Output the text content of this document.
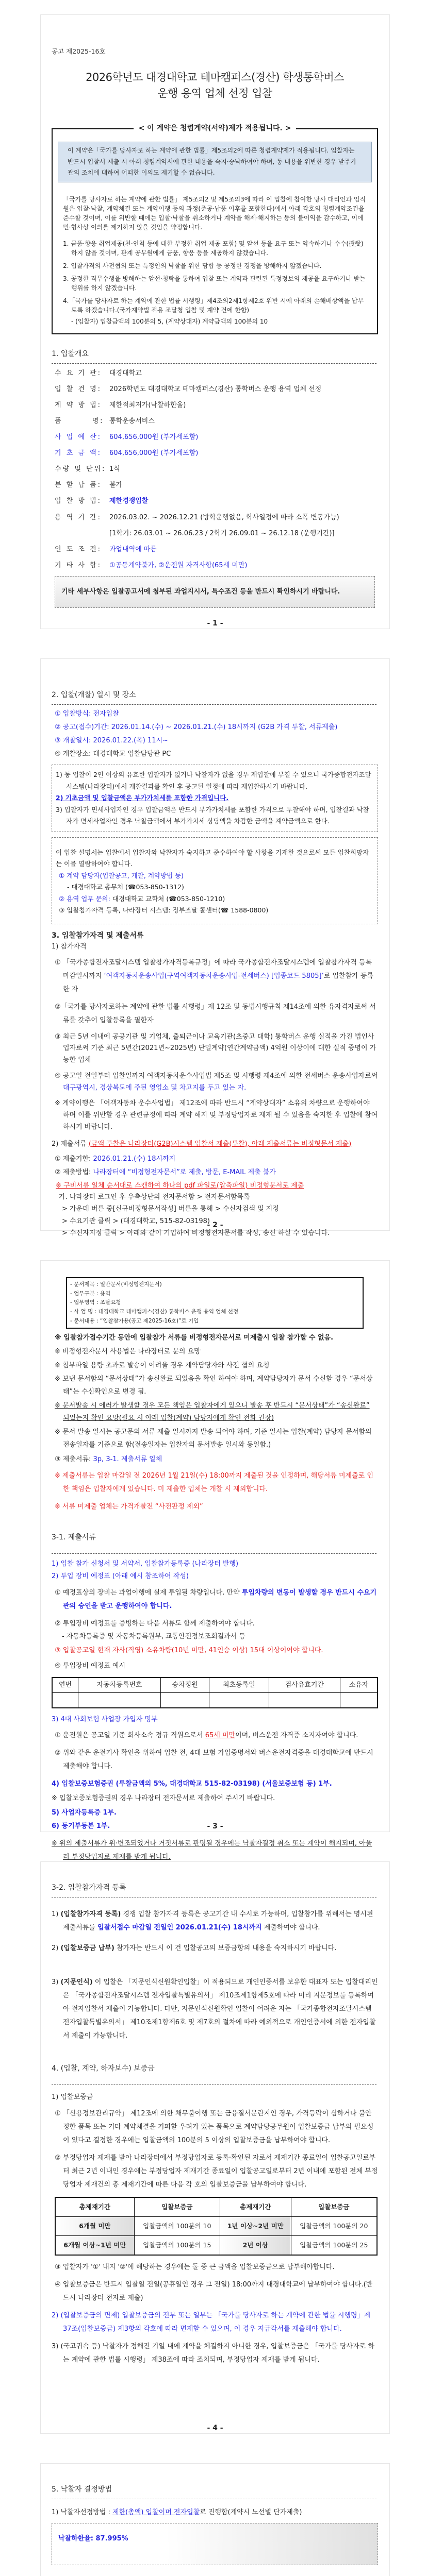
공고 제2025-16호
2026학년도 대경대학교 테마캠퍼스(경산) 학생통학버스
운행 용역 업체 선정 입찰
< 이 계약은 청렴계약(서약)제가 적용됩니다. >
이 계약은「국가를 당사자로 하는 계약에 관한 법률」제5조의2에 따른 청렴계약제가 적용됩니다. 입찰자는 반드시 입찰서 제출 시 아래 청렴계약서에 관한 내용을 숙지·승낙하여야 하며, 동 내용을 위반한 경우 발주기관의 조치에 대하여 어떠한 이의도 제기할 수 없습니다.
「국가를 당사자로 하는 계약에 관한 법률」 제5조의2 및 제5조의3에 따라 이 입찰에 참여한 당사 대리인과 임직원은 입찰·낙찰, 계약체결 또는 계약이행 등의 과정(준공·납품 이후를 포함한다)에서 아래 각호의 청렴계약조건을 준수할 것이며, 이를 위반할 때에는 입찰·낙찰을 취소하거나 계약을 해제·해지하는 등의 불이익을 감수하고, 이에 민·형사상 이의를 제기하지 않을 것임을 약정합니다.
1. 금품·향응 취업제공(친·인척 등에 대한 부정한 취업 제공 포함) 및 알선 등을 요구 또는 약속하거나 수수(授受)하지 않을 것이며, 관계 공무원에게 금품, 향응 등을 제공하지 않겠습니다.
2. 입찰가격의 사전협의 또는 특정인의 낙찰을 위한 담합 등 공정한 경쟁을 방해하지 않겠습니다.
3. 공정한 직무수행을 방해하는 알선·청탁을 통하여 입찰 또는 계약과 관련된 특정정보의 제공을 요구하거나 받는 행위를 하지 않겠습니다.
4.「국가를 당사자로 하는 계약에 관한 법률 시행령」제4조의2제1항제2호 위반 시에 아래의 손해배상액을 납부토록 하겠습니다.(국가계약법 적용 조달청 입찰 및 계약 건에 한함)
- (입찰자) 입찰금액의 100분의 5, (계약상대자) 계약금액의 100분의 10
1. 입찰개요
수 요 기 관:	대경대학교
입 찰 건 명:	2026학년도 대경대학교 테마캠퍼스(경산) 통학버스 운행 용역 업체 선정
계 약 방 법:	제한적최저가(낙찰하한율)
품        명: 통학운송서비스
사 업 예 산:	604,656,000원 (부가세포함)
기 초 금 액:	604,656,000원 (부가세포함)
수량 및 단위: 1식
분 할 납 품:	불가
입 찰 방 법:	제한경쟁입찰
용 역 기 간:	2026.03.02. ~ 2026.12.21 (방학운행없음, 학사일정에 따라 소폭 변동가능)
[1학기: 26.03.01 ~ 26.06.23 / 2학기 26.09.01 ~ 26.12.18 (운행기간)]
인 도 조 건:	과업내역에 따름
기 타 사 항:	①공동계약불가, ②운전원 자격사항(65세 미만)
기타 세부사항은 입찰공고서에 첨부된 과업지시서, 특수조건 등을 반드시 확인하시기 바랍니다.
- 1 -
2. 입찰(개찰) 일시 및 장소
① 입찰방식: 전자입찰
② 공고(접수)기간: 2026.01.14.(수) ~ 2026.01.21.(수) 18시까지 (G2B 가격 투찰, 서류제출)
③ 개찰일시: 2026.01.22.(목) 11시~
④ 개찰장소: 대경대학교 입찰담당관 PC
1) 동 입찰이 2인 이상의 유효한 입찰자가 없거나 낙찰자가 없을 경우 재입찰에 부칠 수 있으니 국가종합전자조달시스템(나라장터)에서 개찰결과를 확인 후 공고된 일정에 따라 재입찰하시기 바랍니다.
2) 기초금액 및 입찰금액은 부가가치세를 포함한 가격입니다.
3) 입찰자가 면세사업자인 경우 입찰금액은 반드시 부가가치세를 포함한 가격으로 투찰해야 하며, 입찰결과 낙찰자가 면세사업자인 경우 낙찰금액에서 부가가치세 상당액을 차감한 금액을 계약금액으로 한다.
이 입찰 설명서는 입찰에서 입찰자와 낙찰자가 숙지하고 준수하여야 할 사항을 기재한 것으로써 모든 입찰희망자는 이를 열람하여야 합니다.
① 계약 담당자(입찰공고, 개찰, 계약방법 등)
- 대경대학교 총무처 (☎053-850-1312)
② 용역 업무 문의: 대경대학교 교학처 (☎053-850-1210)
③ 입찰참가자격 등록, 나라장터 시스템: 정부조달 콜센터(☎ 1588-0800)
3. 입찰참가자격 및 제출서류
1) 참가자격
① 「국가종합전자조달시스템 입찰참가자격등록규정」에 따라 국가종합전자조달시스템에 입찰참가자격 등록마감일시까지 ‘여객자동차운송사업(구역여객자동차운송사업-전세버스) [업종코드 5805]’로 입찰참가 등록한 자
②「국가를 당사자로하는 계약에 관한 법률 시행령」제 12조 및 동법시행규칙 제14조에 의한 유자격자로써 서류를 갖추어 입찰등록을 필한자
③ 최근 5년 이내에 공공기관 및 기업체, 출퇴근이나 교육기관(초중고 대학) 통학버스 운행 실적을 가진 법인사업자로써 기준 최근 5년간(2021년~2025년) 단일계약(연간계약금액) 4억원 이상이에 대한 실적 증명이 가능한 업체
④ 공고일 전일부터 입찰일까지 여객자동차운수사업법 제5조 및 시행령 제4조에 의한 전세버스 운송사업자로써 대구광역시, 경상북도에 주된 영업소 및 차고지를 두고 있는 자.
※ 계약이행은 「여객자동차 운수사업법」 제12조에 따라 반드시 “계약상대자” 소유의 차량으로 운행하여야 하며 이를 위반할 경우 관련규정에 따라 계약 해지 및 부정당업자로 제재 될 수 있음을 숙지한 후 입찰에 참여하시기 바랍니다.
2) 제출서류 (금액 투찰은 나라장터(G2B)시스템 입찰서 제출(투찰), 아래 제출서류는 비정형문서 제출)
① 제출기한: 2026.01.21.(수) 18시까지
② 제출방법: 나라장터에 “비정형전자문서”로 제출, 방문, E-MAIL 제출 불가
※ 구비서류 일체 순서대로 스캔하여 하나의 pdf 파일로(압축파일) 비정형문서로 제출
가. 나라장터 로그인 후 우측상단의 전자문서함 > 전자문서함목록
> 가운데 버튼 중[신규비정형문서작성] 버튼을 통해 > 수신자검색 및 지정
> 수요기관 클릭 > (대경대학교, 515-82-03198)
> 수신자지정 클릭 > 아래와 같이 기입하여 비정형전자문서를 작성, 송신 하실 수 있습니다.
- 2 -
- 문서제목 : 일반문서(비정형전지문서)
- 업무구분 : 용역
- 업무영역 : 조달요청
- 사 업 명 : 대경대학교 테마캠퍼스(경산) 통학버스 운행 용역 업체 선정
- 문서내용 : “입찰참가용(공고 제2025-16호)”로 기입
※ 입찰참가접수기간 동안에 입찰참가 서류를 비정형전자문서로 미제출시 입찰 참가할 수 없음.
※ 비정형전자문서 사용법은 나라장터로 문의 요망
※ 첨부파일 용량 초과로 발송이 어려울 경우 계약담당자와 사전 협의 요청
※ 보낸 문서함의 “문서상태”가 송신완료 되었음을 확인 하여야 하며, 계약담당자가 문서 수신할 경우 “문서상태”는 수신확인으로 변경 됨.
※ 문서발송 시 에러가 발생할 경우 모든 책임은 입찰자에게 있으니 발송 후 반드시 “문서상태”가 “송신완료” 되었는지 확인 요망(필요 시 아래 입찰(계약) 담당자에게 확인 전화 권장)
※ 문서 발송 일시는 공고문의 서류 제출 일시까지 발송 되어야 하며, 기준 일시는 입찰(계약) 담당자 문서함의 전송일자를 기준으로 함(전송일자는 입찰자의 문서발송 일시와 동일함.)
③ 제출서류: 3p, 3-1. 제출서류 일체
※ 제출서류는 입찰 마감일 전 2026년 1월 21일(수) 18:00까지 제출된 것을 인정하며, 해당서류 미제출로 인한 책임은 입찰자에게 있습니다. 미 제출한 업체는 개찰 시 제외합니다.
※ 서류 미제출 업체는 가격개찰전 “사전판정 제외”
3-1. 제출서류
1) 입찰 참가 신청서 및 서약서, 입찰참가등록증 (나라장터 발행)
2) 투입 장비 예정표 (아래 예시 참조하여 작성)
① 예정표상의 장비는 과업이행에 실제 투입될 차량입니다. 만약 투입차량의 변동이 발생할 경우 반드시 수요기관의 승인을 받고 운행하여야 합니다.
② 투입장비 예정표를 증빙하는 다음 서류도 함께 제출하여야 합니다.
- 자동차등록증 및 자동차등록원부, 교통안전정보조회결과서 등
③ 입찰공고일 현재 자사(직영) 소유차량(10년 미만, 41인승 이상) 15대 이상이어야 합니다.
④ 투입장비 예정표 예시
연번	자동차등록번호	승차정원	최초등록일	검사유효기간	소유자

3) 4대 사회보험 사업장 가입자 명부
① 운전원은 공고일 기준 회사소속 정규 직원으로서 65세 미만이며, 버스운전 자격증 소지자여야 합니다.
② 위와 같은 운전기사 확인을 위하여 입찰 전, 4대 보험 가입증명서와 버스운전자격증을 대경대학교에 반드시 제출해야 합니다.
4) 입찰보증보험증권 (투찰금액의 5%, 대경대학교 515-82-03198) (서울보증보험 등) 1부.
※ 입찰보증보험증권의 경우 나라장터 전자문서로 제출하여 주시기 바랍니다.
5) 사업자등록증 1부.
6) 등기부등본 1부.
※ 위의 제출서류가 위·변조되었거나 거짓서류로 판명될 경우에는 낙찰자결정 취소 또는 계약이 해지되며, 아울러 부정당업자로 제재를 받게 됩니다.
- 3 -
3-2. 입찰참가자격 등록
1) (입찰참가자격 등록) 경쟁 입찰 참가자격 등록은 공고기간 내 수시로 가능하며, 입찰참가를 위해서는 명시된 제출서류를 입찰서접수 마감일 전일인 2026.01.21(수) 18시까지 제출하여야 합니다.
2) (입찰보증금 납부) 참가자는 반드시 이 건 입찰공고의 보증금항의 내용을 숙지하시기 바랍니다.
3) (지문인식) 이 입찰은 「지문인식신원확인입찰」이 적용되므로 개인인증서를 보유한 대표자 또는 입찰대리인은 「국가종합전자조달시스템 전자입찰특별유의서」 제10조제1항제5호에 따라 미리 지문정보를 등록하여야 전자입찰서 제출이 가능합니다. 다만, 지문인식신원확인 입찰이 어려운 자는 「국가종합전자조달시스템 전자입찰특별유의서」 제10조제1항제6호 및 제7호의 절차에 따라 예외적으로 개인인증서에 의한 전자입찰서 제출이 가능합니다.
4. (입찰, 계약, 하자보수) 보증금
1) 입찰보증금
① 「신용정보관리규약」 제12조에 의한 채무불이행 또는 금융질서문란지인 경우, 가격등락이 심하거나 불안정한 품목 또는 기타 계약체결을 기피할 우려가 있는 품목으로 계약담당공무원이 입찰보증금 납부의 필요성이 있다고 결정한 경우에는 입찰금액의 100분의 5 이상의 입찰보증금을 납부하여야 합니다.
② 부정당업자 제재를 받아 나라장터에서 부정당업자로 등록·확인된 자로서 제재기간 종료일이 입찰공고일로부터 최근 2년 이내인 경우에는 부정당업자 제재기간 종료일이 입찰공고일로부터 2년 이내에 포함된 전체 부정당업자 제재건의 총 제재기간에 따른 다음 각 호의 입찰보증금을 납부하여야 합니다.
총제재기간	입찰보증금	총제재기간	입찰보증금
6개월 미만	입찰금액의 100분의 10	1년 이상~2년 미만	입찰금액의 100분의 20
6개월 이상~1년 미만	입찰금액의 100분의 15	2년 이상	입찰금액의 100분의 25
③ 입찰자가 '①' 내지 '②'에 해당하는 경우에는 둘 중 큰 금액을 입찰보증금으로 납부해야합니다.
④ 입찰보증금은 반드시 입찰일 전일(공휴일인 경우 그 전일) 18:00까지 대경대학교에 납부하여야 합니다.(반드시 나라장터 전자로 제출)
2) (입찰보증금의 면제) 입찰보증금의 전부 또는 일부는 「국가를 당사자로 하는 계약에 관한 법률 시행령」제37조(입찰보증금) 제3항의 각호에 따라 면제할 수 있으며, 이 경우 지급각서를 제출해야 합니다.
3) (국고귀속 등) 낙찰자가 정해진 기일 내에 계약을 체결하지 아니한 경우, 입찰보증금은 「국가를 당사자로 하는 계약에 관한 법률 시행령」 제38조에 따라 조치되며, 부정당업자 제재를 받게 됩니다.
- 4 -
5. 낙찰자 결정방법
1) 낙찰자선정방법 : 제한(총액) 입찰이며 전자입찰로 진행함(계약시 노선별 단가제출)
낙찰하한율: 87.995%
